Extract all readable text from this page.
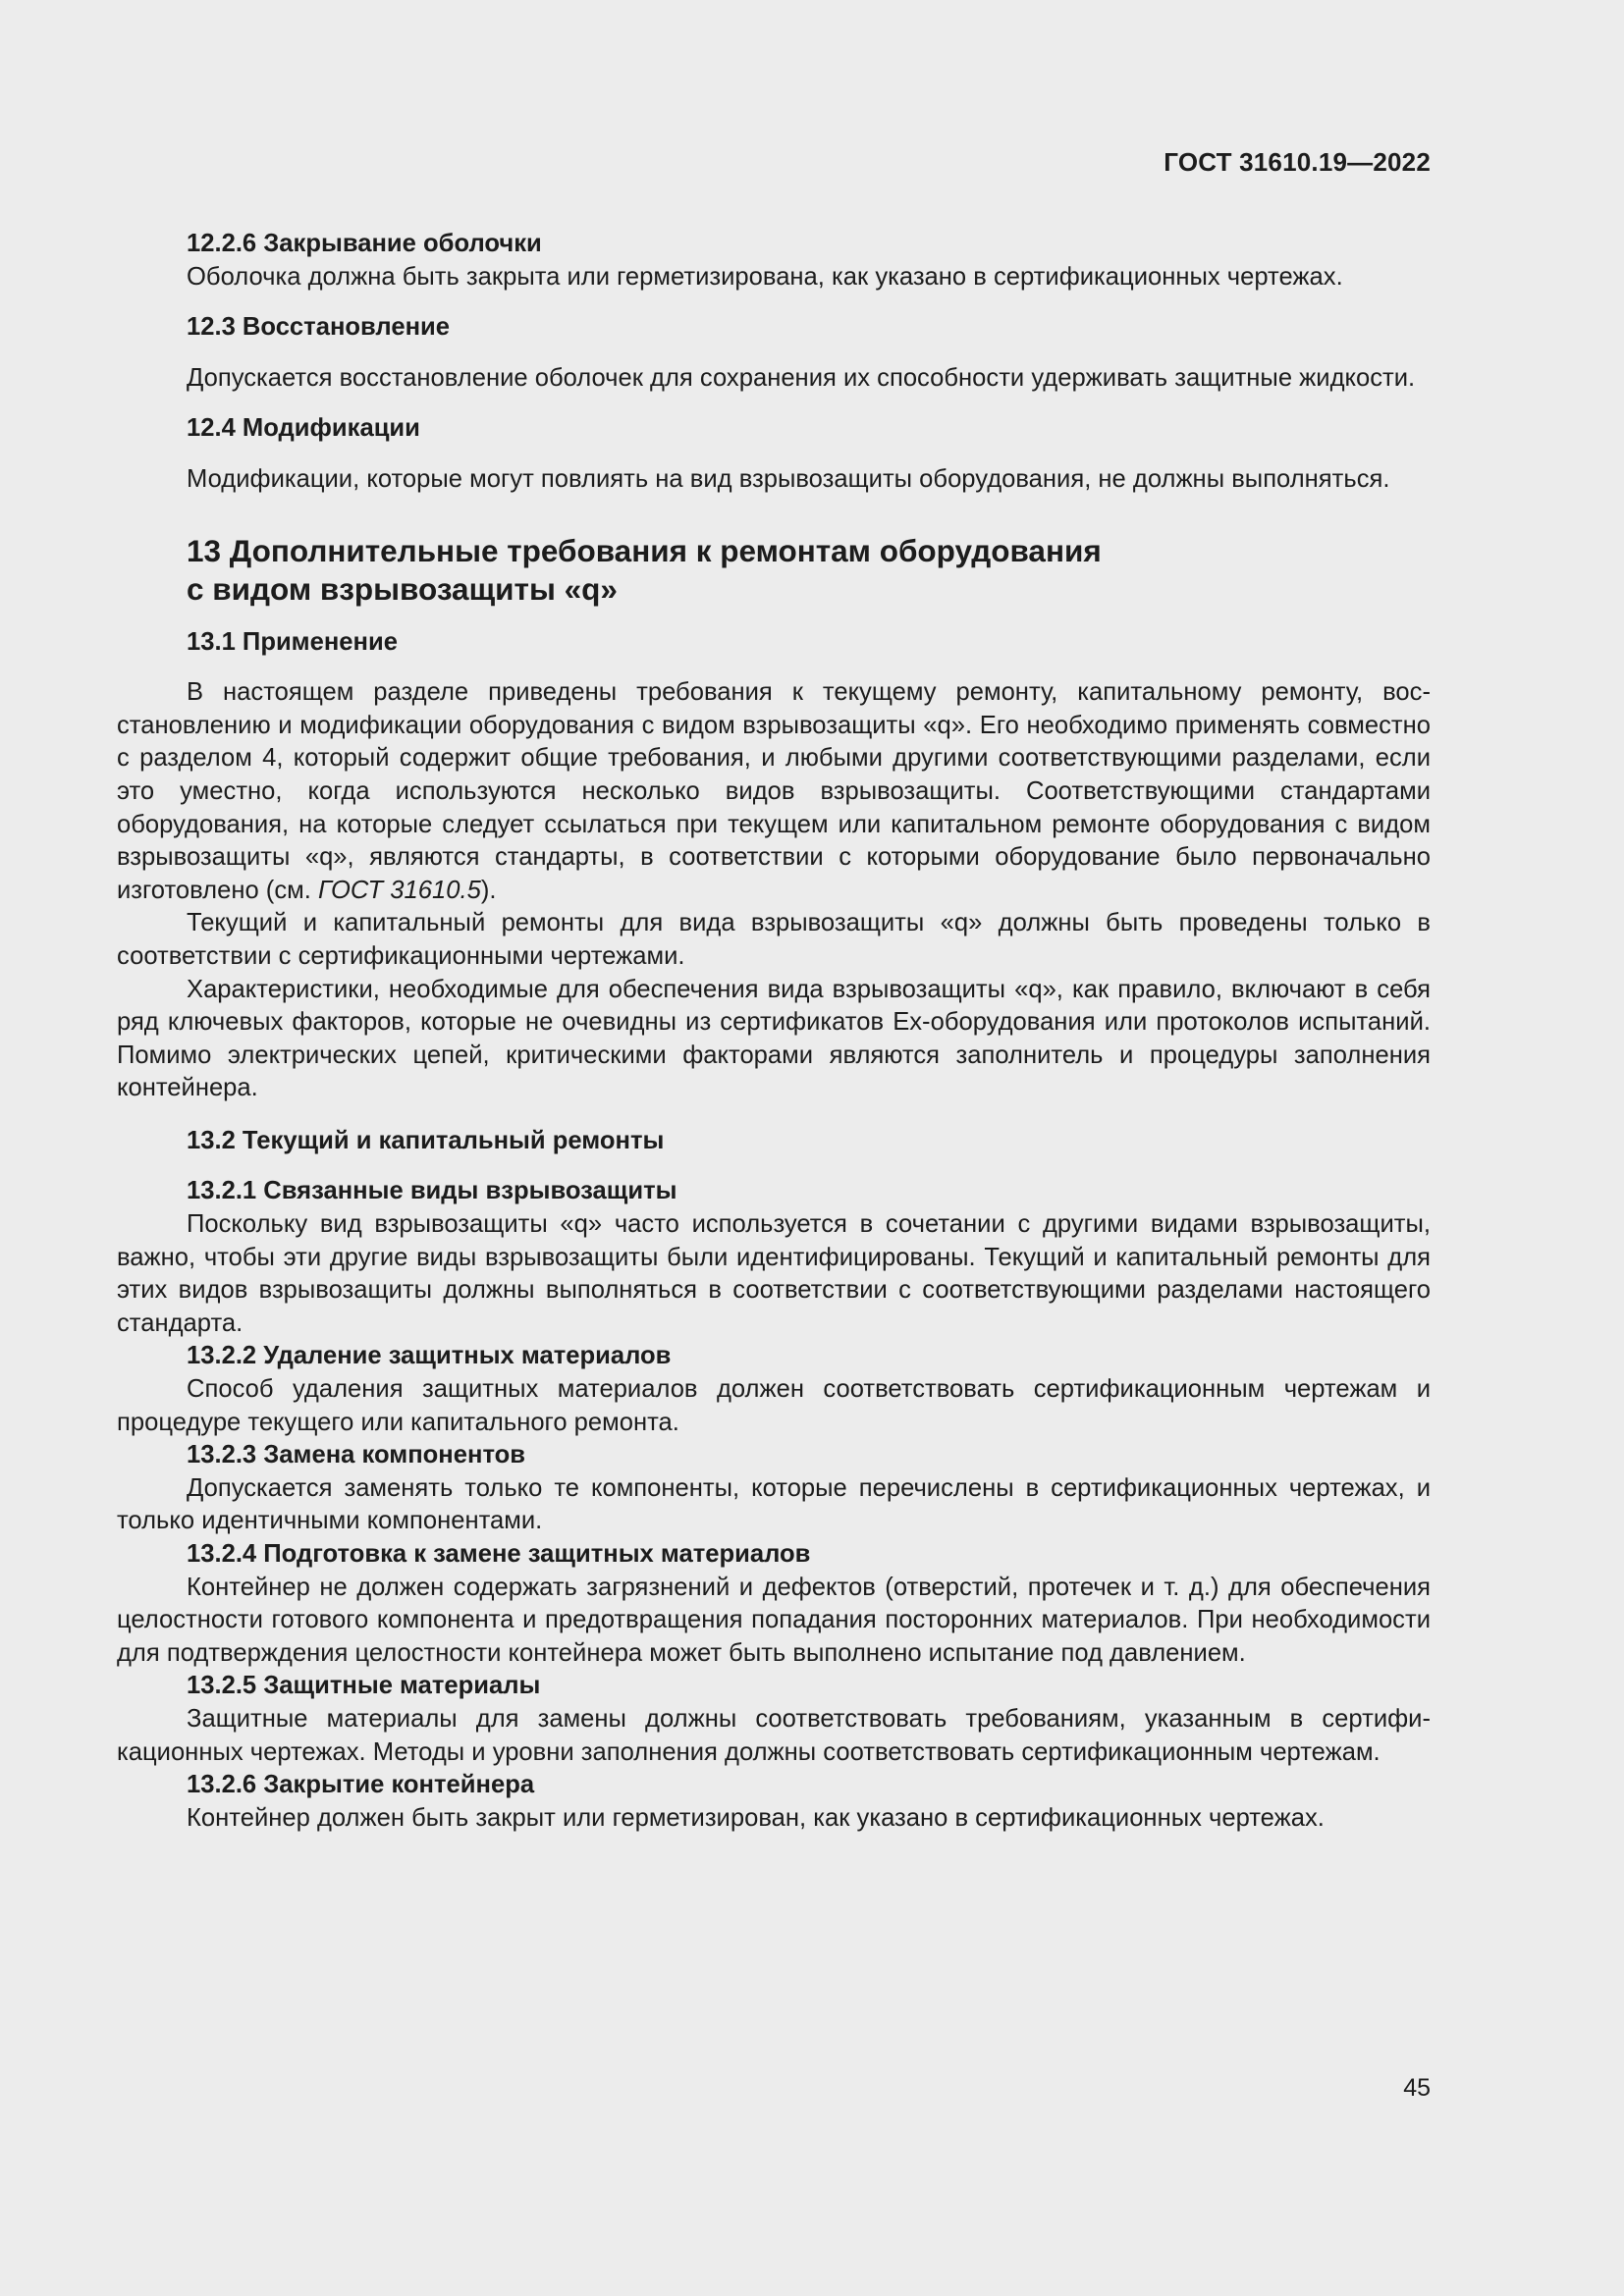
ГОСТ 31610.19—2022
12.2.6 Закрывание оболочки

Оболочка должна быть закрыта или герметизирована, как указано в сертификационных чертежах.

12.3 Восстановление

Допускается восстановление оболочек для сохранения их способности удерживать защитные жидкости.

12.4 Модификации

Модификации, которые могут повлиять на вид взрывозащиты оборудования, не должны выполняться.

13 Дополнительные требования к ремонтам оборудования
с видом взрывозащиты «q»
13.1 Применение

В настоящем разделе приведены требования к текущему ремонту, капитальному ремонту, восстановлению и модификации оборудования с видом взрывозащиты «q». Его необходимо применять совместно с разделом 4, который содержит общие требования, и любыми другими соответствующими разделами, если это уместно, когда используются несколько видов взрывозащиты. Соответствующими стандартами оборудования, на которые следует ссылаться при текущем или капитальном ремонте оборудования с видом взрывозащиты «q», являются стандарты, в соответствии с которыми оборудование было первоначально изготовлено (см. ГОСТ 31610.5).

Текущий и капитальный ремонты для вида взрывозащиты «q» должны быть проведены только в соответствии с сертификационными чертежами.

Характеристики, необходимые для обеспечения вида взрывозащиты «q», как правило, включают в себя ряд ключевых факторов, которые не очевидны из сертификатов Ex-оборудования или протоколов испытаний. Помимо электрических цепей, критическими факторами являются заполнитель и процедуры заполнения контейнера.

13.2 Текущий и капитальный ремонты
13.2.1 Связанные виды взрывозащиты

Поскольку вид взрывозащиты «q» часто используется в сочетании с другими видами взрывозащиты, важно, чтобы эти другие виды взрывозащиты были идентифицированы. Текущий и капитальный ремонты для этих видов взрывозащиты должны выполняться в соответствии с соответствующими разделами настоящего стандарта.

13.2.2 Удаление защитных материалов

Способ удаления защитных материалов должен соответствовать сертификационным чертежам и процедуре текущего или капитального ремонта.

13.2.3 Замена компонентов

Допускается заменять только те компоненты, которые перечислены в сертификационных чертежах, и только идентичными компонентами.

13.2.4 Подготовка к замене защитных материалов

Контейнер не должен содержать загрязнений и дефектов (отверстий, протечек и т. д.) для обеспечения целостности готового компонента и предотвращения попадания посторонних материалов. При необходимости для подтверждения целостности контейнера может быть выполнено испытание под давлением.

13.2.5 Защитные материалы

Защитные материалы для замены должны соответствовать требованиям, указанным в сертификационных чертежах. Методы и уровни заполнения должны соответствовать сертификационным чертежам.

13.2.6 Закрытие контейнера

Контейнер должен быть закрыт или герметизирован, как указано в сертификационных чертежах.

45
